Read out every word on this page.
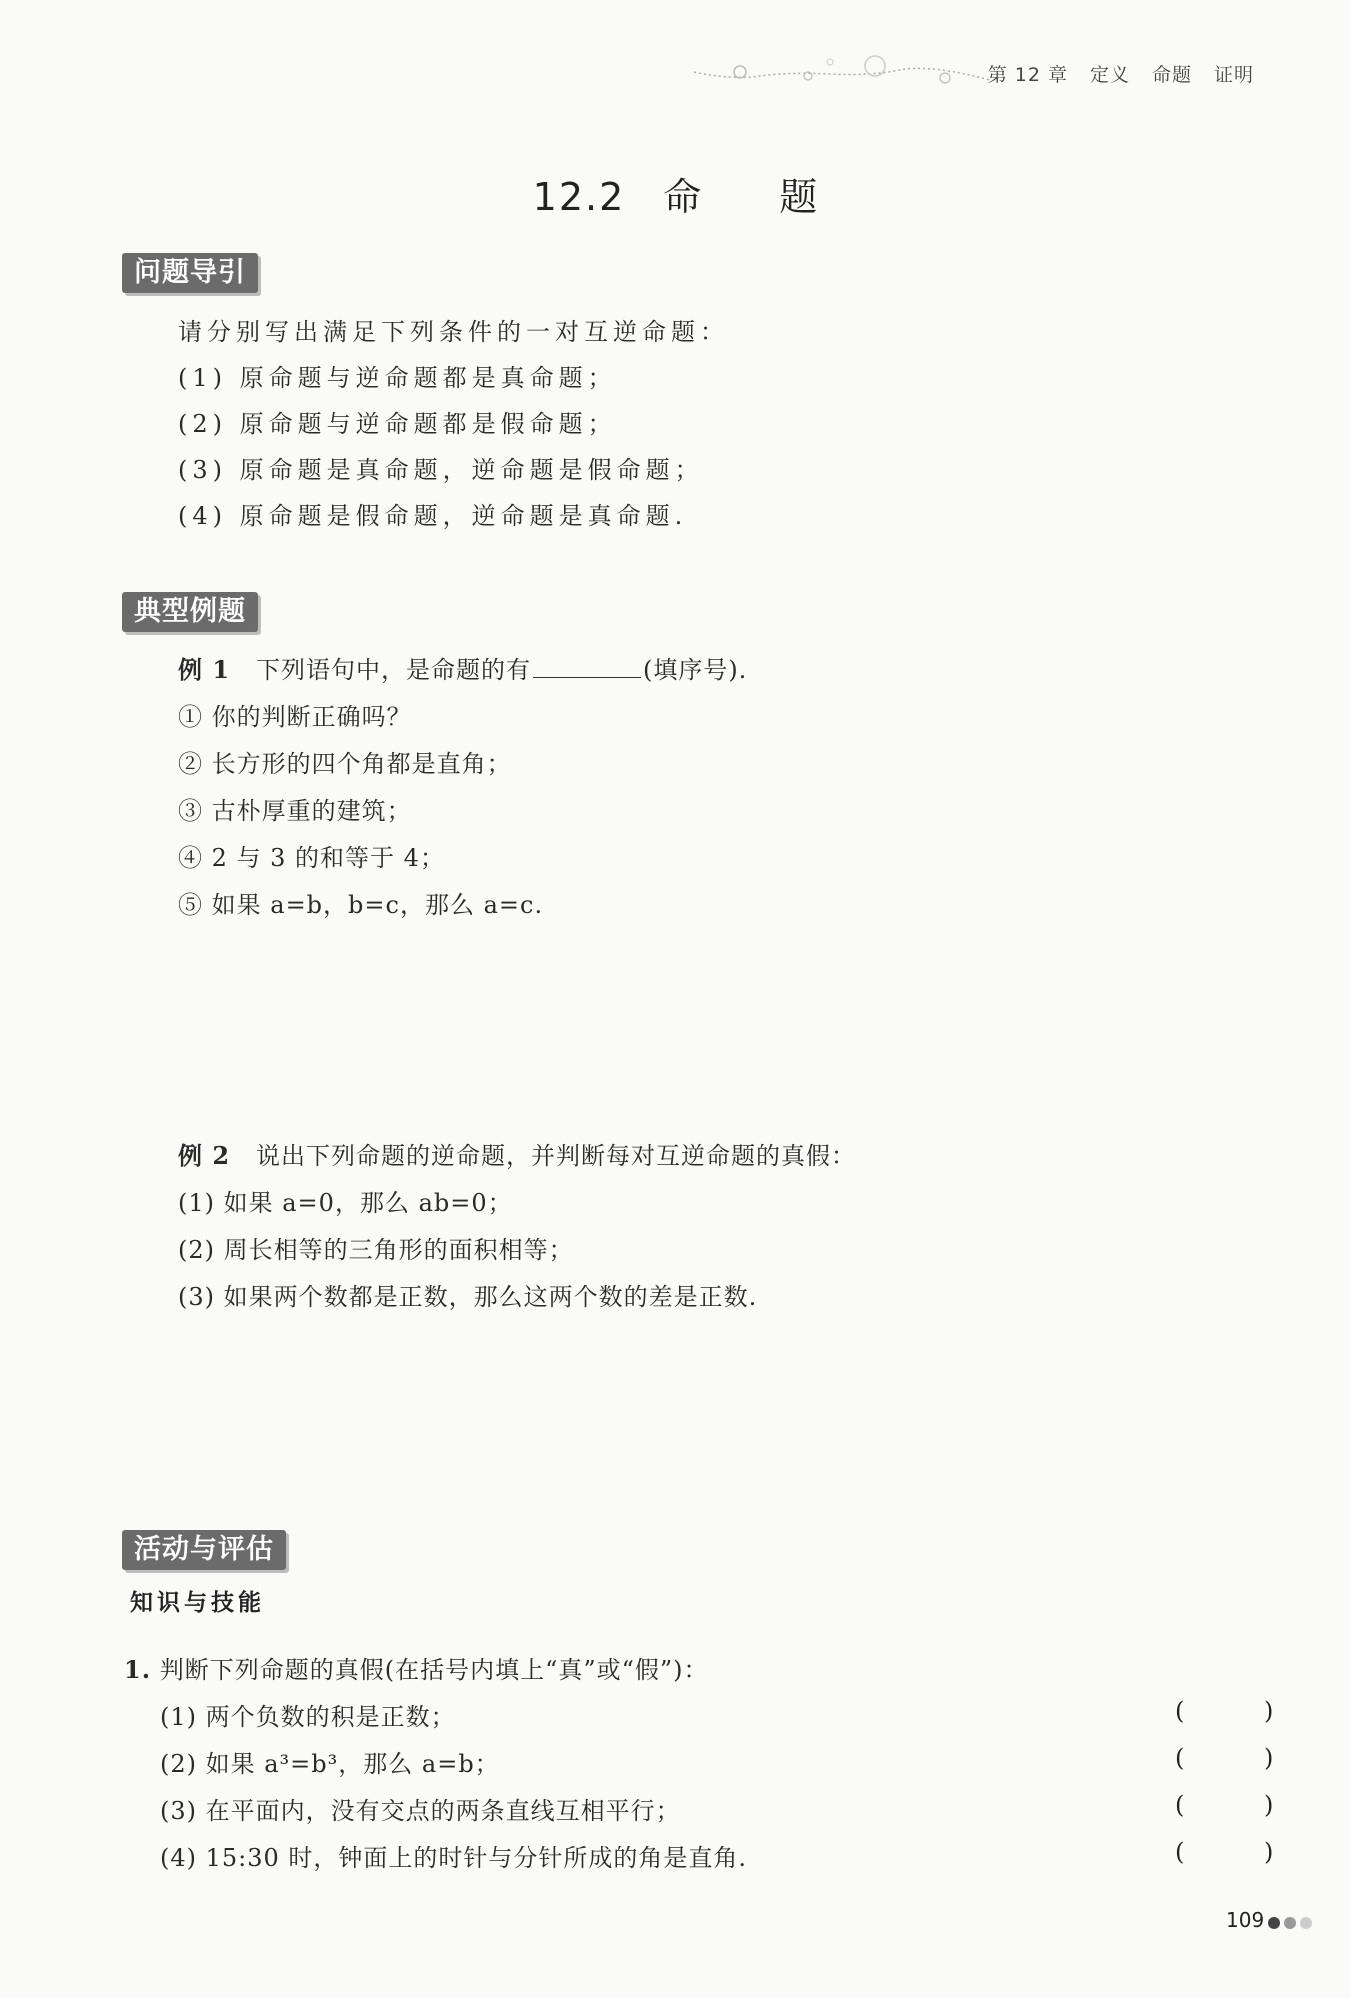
第 12 章 定义 命题 证明
12.2 命 题
问题导引
请分别写出满足下列条件的一对互逆命题：
(1) 原命题与逆命题都是真命题；
(2) 原命题与逆命题都是假命题；
(3) 原命题是真命题，逆命题是假命题；
(4) 原命题是假命题，逆命题是真命题.
典型例题
例 1 下列语句中，是命题的有	(填序号).
① 你的判断正确吗？
② 长方形的四个角都是直角；
③ 古朴厚重的建筑；
④ 2 与 3 的和等于 4；
⑤ 如果 a=b，b=c，那么 a=c.
例 2 说出下列命题的逆命题，并判断每对互逆命题的真假：
(1) 如果 a=0，那么 ab=0；
(2) 周长相等的三角形的面积相等；
(3) 如果两个数都是正数，那么这两个数的差是正数.
活动与评估
知识与技能
1. 判断下列命题的真假(在括号内填上“真”或“假”)：
(1) 两个负数的积是正数；	( )
(2) 如果 a³=b³，那么 a=b；	( )
(3) 在平面内，没有交点的两条直线互相平行；	( )
(4) 15:30 时，钟面上的时针与分针所成的角是直角.	( )
109
